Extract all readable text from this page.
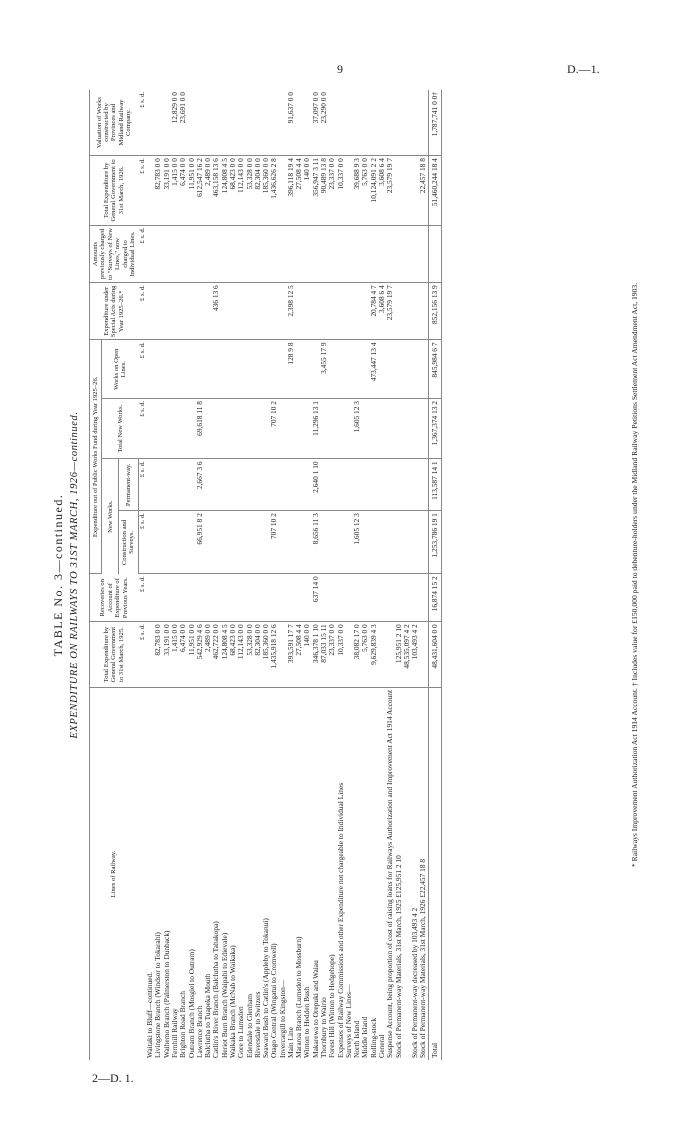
9	D.—1.
2—D. 1.
TABLE No. 3—continued. EXPENDITURE ON RAILWAYS TO 31ST MARCH, 1926—continued.
Lines of Railway.	Total Expenditure by General Government to 31st March, 1925.	Recoveries on Account of Expenditure of Previous Years.	Expenditure out of Public Works Fund during Year 1925–26.				Expenditure under Special Acts during Year 1925–26.*	Amounts previously charged to "Surveys of New Lines," now charged to Individual Lines.	Total Expenditure by General Government to 31st March, 1926.	Valuation of Works constructed by Provinces and Midland Railway Company.
			New Works.		Total New Works.	Works on Open Lines.				
			Construction and Surveys.	Permanent-way.						
	£ s. d.	£ s. d.	£ s. d.	£ s. d.	£ s. d.	£ s. d.	£ s. d.	£ s. d.	£ s. d.	£ s. d.
Waitaki to Bluff—continued.										
Livingstone Branch (Windsor to Tokarahi)	82,783 0 0								82,783 0 0	
Waihemo Branch (Palmerston to Dunback)	33,191 0 0								33,191 0 0	
Fernhill Railway	1,415 0 0								1,415 0 0	12,829 0 0
Brighton Road Branch	6,474 0 0								6,474 0 0	23,691 0 0
Outram Branch (Mosgiel to Outram)	11,951 0 0								11,951 0 0	
Lawrence Branch	542,929 4 6		66,951 8 2	2,667 3 6	69,618 11 8				612,547 16 2	
Balclutha to Tuapeka Mouth	2,489 0 0								2,489 0 0	
Catlin's River Branch (Balclutha to Tahakopa)	462,722 0 0						436 13 6		463,158 13 6	
Heriot Burn Branch (Waipahi to Edievale)	124,808 4 5								124,808 4 5	
Waikaka Branch (McNab to Waikaka)	68,423 0 0								68,423 0 0	
Gore to Lumsden	112,143 0 0								112,143 0 0	
Edendale to Glenham	53,328 0 0								53,328 0 0	
Riversdale to Switzers	82,304 0 0								82,304 0 0	
Seaward Bush to Catlin's (Appleby to Tokanui)	185,360 0 0								185,360 0 0	
Otago Central (Wingatui to Cromwell)	1,435,918 12 6		707 10 2		707 10 2				1,436,626 2 8	
Invercargill to Kingston—										
Main Line	393,591 17 7					128 9 8	2,398 12 5		396,118 19 4	91,637 0 0
Mararoa Branch (Lumsden to Mossburn)	27,508 4 4								27,508 4 4	
Winton to Hedden Bush	140 0 0								140 0 0	
Makarewa to Orepuki and Waiau	346,378 1 10	637 14 0	8,656 11 3	2,640 1 10	11,296 13 1				356,947 3 11	37,097 0 0
Thornbury to Wairio	87,033 15 11					3,455 17 9			90,489 13 8	23,290 0 0
Forest Hill (Winton to Hedgehope)	23,337 0 0								23,337 0 0	
Expenses of Railway Commissions and other Expenditure not chargeable to Individual Lines	10,337 0 0								10,337 0 0	
Surveys of New Lines—										
North Island	38,082 17 0		1,605 12 3		1,605 12 3				39,688 9 3	
Middle Island	5,763 0 0								5,763 0 0	
Rolling-stock	9,629,839 4 3					473,447 13 4	20,784 4 7		10,124,091 2 2	
General							3,608 6 4		3,608 6 4	
Suspense Account, being proportion of cost of raising loans for Railways Authorization and Improvement Act 1914 Account							23,579 19 7		23,579 19 7	
Stock of Permanent-way Materials, 31st March, 1925 £125,951 2 10	125,951 2 10									
	48,535,097 4 2									
Stock of Permanent-way decreased by 103,493 4 2	103,493 4 2									
Stock of Permanent-way Materials, 31st March, 1926 £22,457 18 8									22,457 18 8	
Total	48,431,604 0 0	16,874 15 2	1,253,786 19 1	113,587 14 1	1,367,374 13 2	845,984 6 7	852,156 13 9		51,460,244 18 4	1,787,741 0 0†
* Railways Improvement Authorization Act 1914 Account. † Includes value for £150,000 paid to debenture-holders under the Midland Railway Petitions Settlement Act Amendment Act, 1903.
